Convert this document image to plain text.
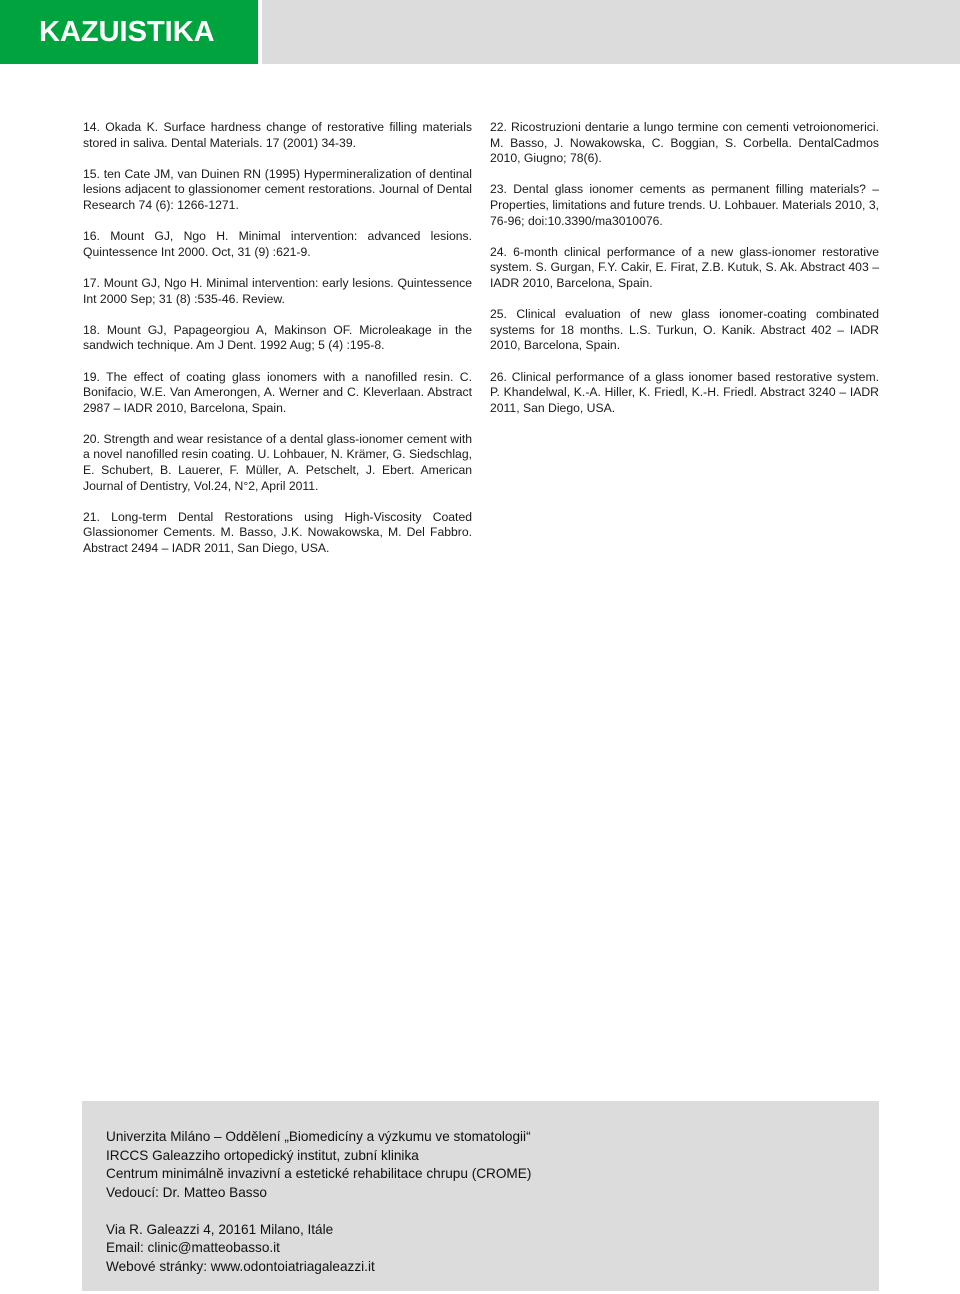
KAZUISTIKA

14. Okada K. Surface hardness change of restorative filling materials stored in saliva. Dental Materials. 17 (2001) 34-39.

15. ten Cate JM, van Duinen RN (1995) Hypermineralization of dentinal lesions adjacent to glassionomer cement restorations. Journal of Dental Research 74 (6): 1266-1271.

16. Mount GJ, Ngo H. Minimal intervention: advanced lesions. Quintessence Int 2000. Oct, 31 (9) :621-9.

17. Mount GJ, Ngo H. Minimal intervention: early lesions. Quintessence Int 2000 Sep; 31 (8) :535-46. Review.

18. Mount GJ, Papageorgiou A, Makinson OF. Microleakage in the sandwich technique. Am J Dent. 1992 Aug; 5 (4) :195-8.

19. The effect of coating glass ionomers with a nanofilled resin. C. Bonifacio, W.E. Van Amerongen, A. Werner and C. Kleverlaan. Abstract 2987 – IADR 2010, Barcelona, Spain.

20. Strength and wear resistance of a dental glass-ionomer cement with a novel nanofilled resin coating. U. Lohbauer, N. Krämer, G. Siedschlag, E. Schubert, B. Lauerer, F. Müller, A. Petschelt, J. Ebert. American Journal of Dentistry, Vol.24, N°2, April 2011.

21. Long-term Dental Restorations using High-Viscosity Coated Glassionomer Cements. M. Basso, J.K. Nowakowska, M. Del Fabbro. Abstract 2494 – IADR 2011, San Diego, USA.

22. Ricostruzioni dentarie a lungo termine con cementi vetroionomerici. M. Basso, J. Nowakowska, C. Boggian, S. Corbella. DentalCadmos 2010, Giugno; 78(6).

23. Dental glass ionomer cements as permanent filling materials? – Properties, limitations and future trends. U. Lohbauer. Materials 2010, 3, 76-96; doi:10.3390/ma3010076.

24. 6-month clinical performance of a new glass-ionomer restorative system. S. Gurgan, F.Y. Cakir, E. Firat, Z.B. Kutuk, S. Ak. Abstract 403 – IADR 2010, Barcelona, Spain.

25. Clinical evaluation of new glass ionomer-coating combinated systems for 18 months. L.S. Turkun, O. Kanik. Abstract 402 – IADR 2010, Barcelona, Spain.

26. Clinical performance of a glass ionomer based restorative system. P. Khandelwal, K.-A. Hiller, K. Friedl, K.-H. Friedl. Abstract 3240 – IADR 2011, San Diego, USA.

Univerzita Miláno – Oddělení „Biomedicíny a výzkumu ve stomatologii“
IRCCS Galeazziho ortopedický institut, zubní klinika
Centrum minimálně invazivní a estetické rehabilitace chrupu (CROME)
Vedoucí: Dr. Matteo Basso
Via R. Galeazzi 4, 20161 Milano, Itále
Email: clinic@matteobasso.it
Webové stránky: www.odontoiatriagaleazzi.it
